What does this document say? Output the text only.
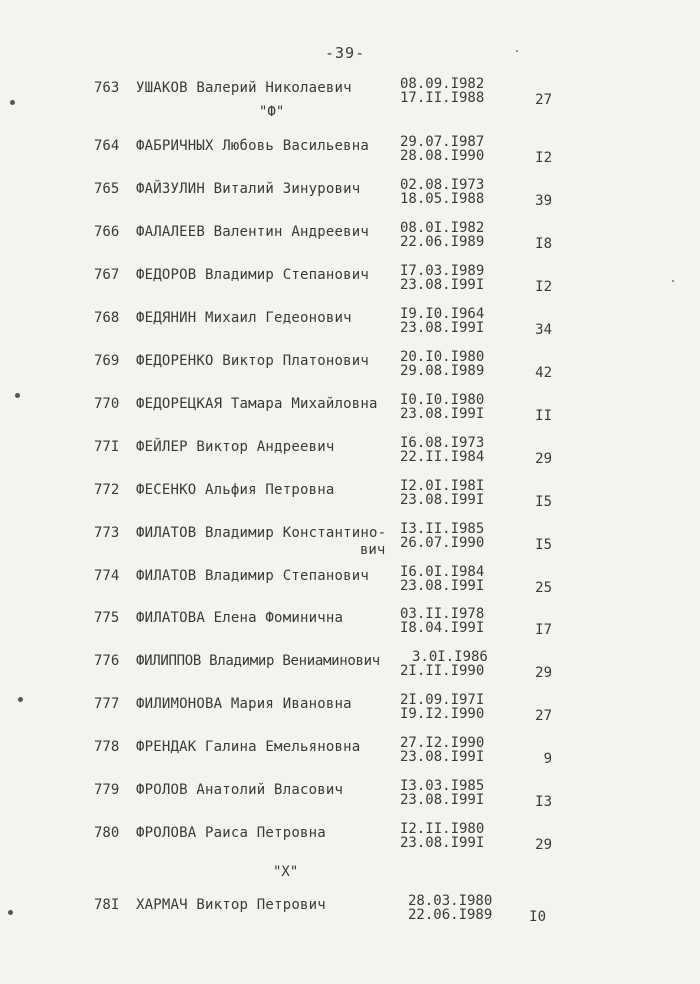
-39-
"Ф"
"Х"
763 УШАКОВ Валерий Николаевич	08.09.I982
17.II.I988	27
764 ФАБРИЧНЫХ Любовь Васильевна 29.07.I987
28.08.I990	I2
765 ФАЙЗУЛИН Виталий Зинурович	02.08.I973
18.05.I988	39
766 ФАЛАЛЕЕВ Валентин Андреевич 08.0I.I982
22.06.I989	I8
767 ФЕДОРОВ Владимир Степанович I7.03.I989
23.08.I99I	I2
768 ФЕДЯНИН Михаил Гедеонович	I9.I0.I964
23.08.I99I	34
769 ФЕДОРЕНКО Виктор Платонович 20.I0.I980
29.08.I989	42
770 ФЕДОРЕЦКАЯ Тамара Михайловна I0.I0.I980
23.08.I99I	II
77I ФЕЙЛЕР Виктор Андреевич	I6.08.I973
22.II.I984	29
772 ФЕСЕНКО Альфия Петровна	I2.0I.I98I
23.08.I99I	I5
773 ФИЛАТОВ Владимир Константино-
вич
I3.II.I985
26.07.I990	I5
774 ФИЛАТОВ Владимир Степанович I6.0I.I984
23.08.I99I	25
775 ФИЛАТОВА Елена Фоминична	03.II.I978
I8.04.I99I	I7
776 ФИЛИППОВ Владимир Вениаминович 3.0I.I986
2I.II.I990	29
777 ФИЛИМОНОВА Мария Ивановна	2I.09.I97I
I9.I2.I990	27
778 ФРЕНДАК Галина Емельяновна	27.I2.I990
23.08.I99I	9
779 ФРОЛОВ Анатолий Власович	I3.03.I985
23.08.I99I	I3
780 ФРОЛОВА Раиса Петровна	I2.II.I980
23.08.I99I	29
78I ХАРМАЧ Виктор Петрович	28.03.I980
22.06.I989	I0
